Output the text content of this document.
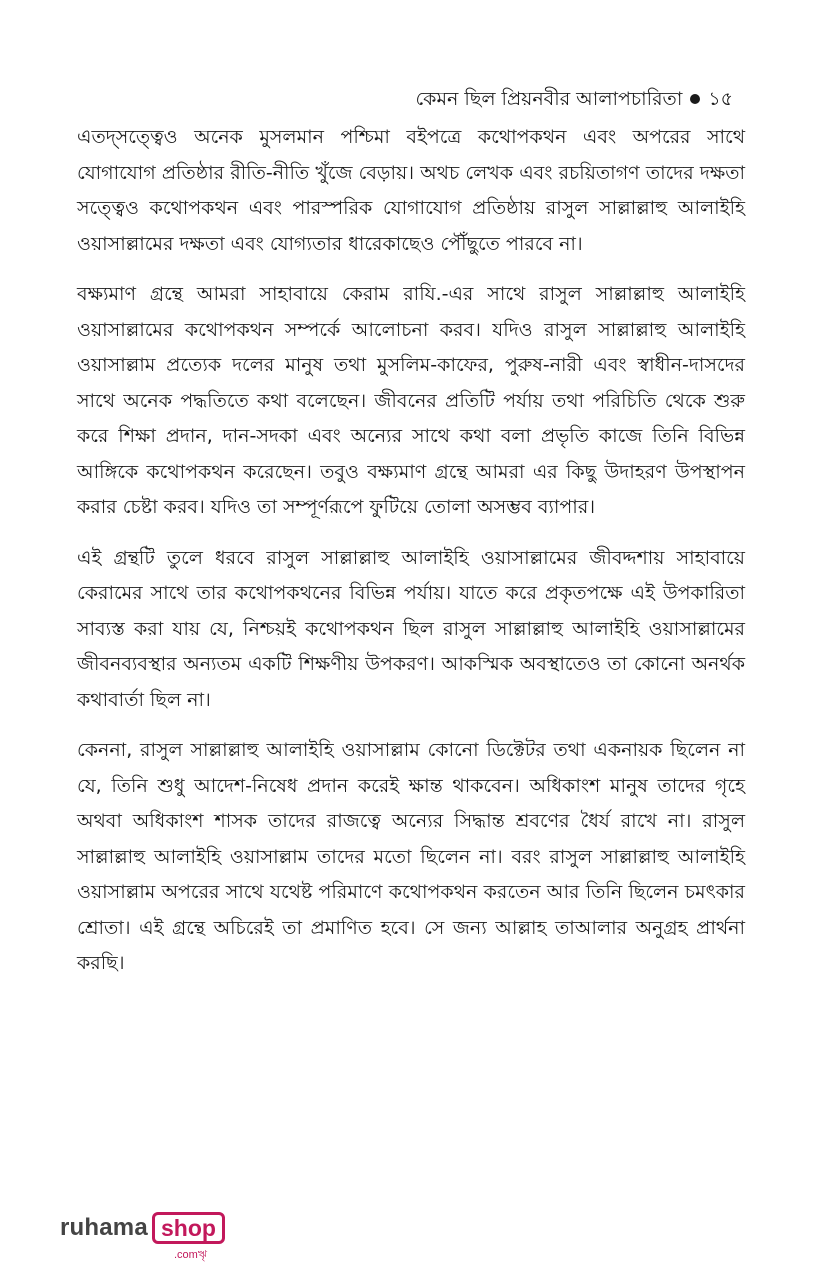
কেমন ছিল প্রিয়নবীর আলাপচারিতা ১৫

এতদ্সত্ত্বেও অনেক মুসলমান পশ্চিমা বইপত্রে কথোপকথন এবং অপরের সাথে যোগাযোগ প্রতিষ্ঠার রীতি-নীতি খুঁজে বেড়ায়। অথচ লেখক এবং রচয়িতাগণ তাদের দক্ষতা সত্ত্বেও কথোপকথন এবং পারস্পরিক যোগাযোগ প্রতিষ্ঠায় রাসুল সাল্লাল্লাহু আলাইহি ওয়াসাল্লামের দক্ষতা এবং যোগ্যতার ধারেকাছেও পৌঁছুতে পারবে না।

বক্ষ্যমাণ গ্রন্থে আমরা সাহাবায়ে কেরাম রাযি.-এর সাথে রাসুল সাল্লাল্লাহু আলাইহি ওয়াসাল্লামের কথোপকথন সম্পর্কে আলোচনা করব। যদিও রাসুল সাল্লাল্লাহু আলাইহি ওয়াসাল্লাম প্রত্যেক দলের মানুষ তথা মুসলিম-কাফের, পুরুষ-নারী এবং স্বাধীন-দাসদের সাথে অনেক পদ্ধতিতে কথা বলেছেন। জীবনের প্রতিটি পর্যায় তথা পরিচিতি থেকে শুরু করে শিক্ষা প্রদান, দান-সদকা এবং অন্যের সাথে কথা বলা প্রভৃতি কাজে তিনি বিভিন্ন আঙ্গিকে কথোপকথন করেছেন। তবুও বক্ষ্যমাণ গ্রন্থে আমরা এর কিছু উদাহরণ উপস্থাপন করার চেষ্টা করব। যদিও তা সম্পূর্ণরূপে ফুটিয়ে তোলা অসম্ভব ব্যাপার।

এই গ্রন্থটি তুলে ধরবে রাসুল সাল্লাল্লাহু আলাইহি ওয়াসাল্লামের জীবদ্দশায় সাহাবায়ে কেরামের সাথে তার কথোপকথনের বিভিন্ন পর্যায়। যাতে করে প্রকৃতপক্ষে এই উপকারিতা সাব্যস্ত করা যায় যে, নিশ্চয়ই কথোপকথন ছিল রাসুল সাল্লাল্লাহু আলাইহি ওয়াসাল্লামের জীবনব্যবস্থার অন্যতম একটি শিক্ষণীয় উপকরণ। আকস্মিক অবস্থাতেও তা কোনো অনর্থক কথাবার্তা ছিল না।

কেননা, রাসুল সাল্লাল্লাহু আলাইহি ওয়াসাল্লাম কোনো ডিক্টেটর তথা একনায়ক ছিলেন না যে, তিনি শুধু আদেশ-নিষেধ প্রদান করেই ক্ষান্ত থাকবেন। অধিকাংশ মানুষ তাদের গৃহে অথবা অধিকাংশ শাসক তাদের রাজত্বে অন্যের সিদ্ধান্ত শ্রবণের ধৈর্য রাখে না। রাসুল সাল্লাল্লাহু আলাইহি ওয়াসাল্লাম তাদের মতো ছিলেন না। বরং রাসুল সাল্লাল্লাহু আলাইহি ওয়াসাল্লাম অপরের সাথে যথেষ্ট পরিমাণে কথোপকথন করতেন আর তিনি ছিলেন চমৎকার শ্রোতা। এই গ্রন্থে অচিরেই তা প্রমাণিত হবে। সে জন্য আল্লাহ তাআলার অনুগ্রহ প্রার্থনা করছি।

ruhama shop
.comৠ
